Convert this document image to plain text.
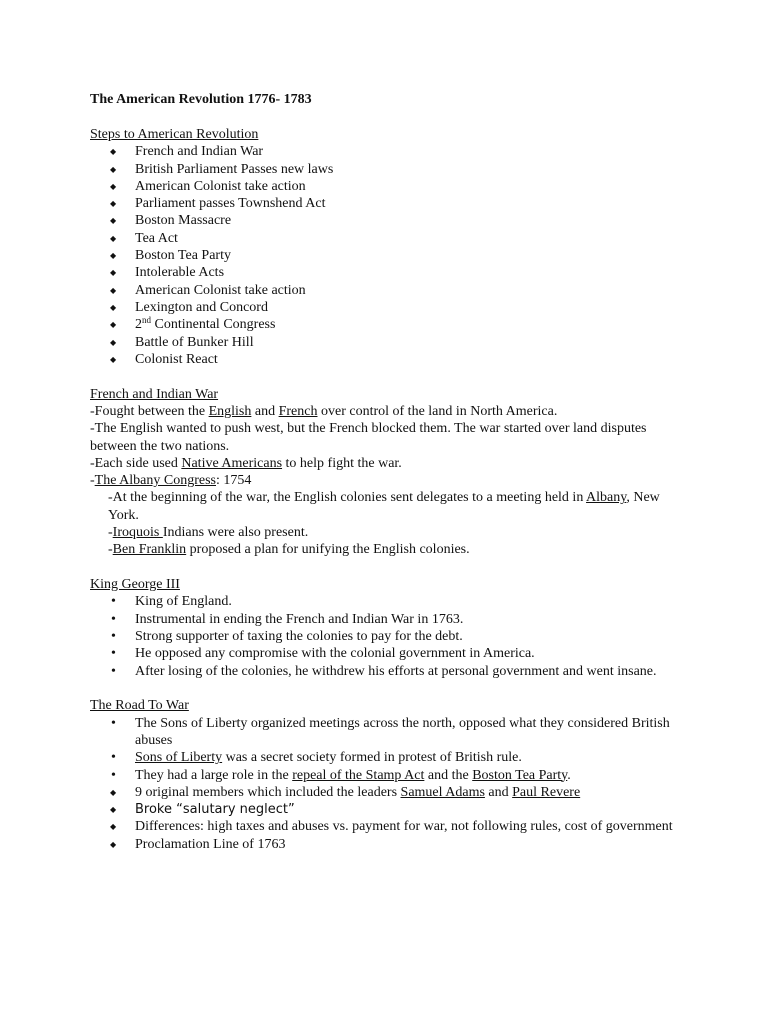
The American Revolution 1776- 1783
Steps to American Revolution
◆ French and Indian War
◆ British Parliament Passes new laws
◆ American Colonist take action
◆ Parliament passes Townshend Act
◆ Boston Massacre
◆ Tea Act
◆ Boston Tea Party
◆ Intolerable Acts
◆ American Colonist take action
◆ Lexington and Concord
◆ 2nd Continental Congress
◆ Battle of Bunker Hill
◆ Colonist React
French and Indian War
-Fought between the English and French over control of the land in North America.
-The English wanted to push west, but the French blocked them. The war started over land disputes between the two nations.
-Each side used Native Americans to help fight the war.
-The Albany Congress: 1754
-At the beginning of the war, the English colonies sent delegates to a meeting held in Albany, New York.
-Iroquois Indians were also present.
-Ben Franklin proposed a plan for unifying the English colonies.
King George III
• King of England.
• Instrumental in ending the French and Indian War in 1763.
• Strong supporter of taxing the colonies to pay for the debt.
• He opposed any compromise with the colonial government in America.
• After losing of the colonies, he withdrew his efforts at personal government and went insane.
The Road To War
• The Sons of Liberty organized meetings across the north, opposed what they considered British abuses
• Sons of Liberty was a secret society formed in protest of British rule.
• They had a large role in the repeal of the Stamp Act and the Boston Tea Party.
◆ 9 original members which included the leaders Samuel Adams and Paul Revere
◆ Broke “salutary neglect”
◆ Differences: high taxes and abuses vs. payment for war, not following rules, cost of government
◆ Proclamation Line of 1763
